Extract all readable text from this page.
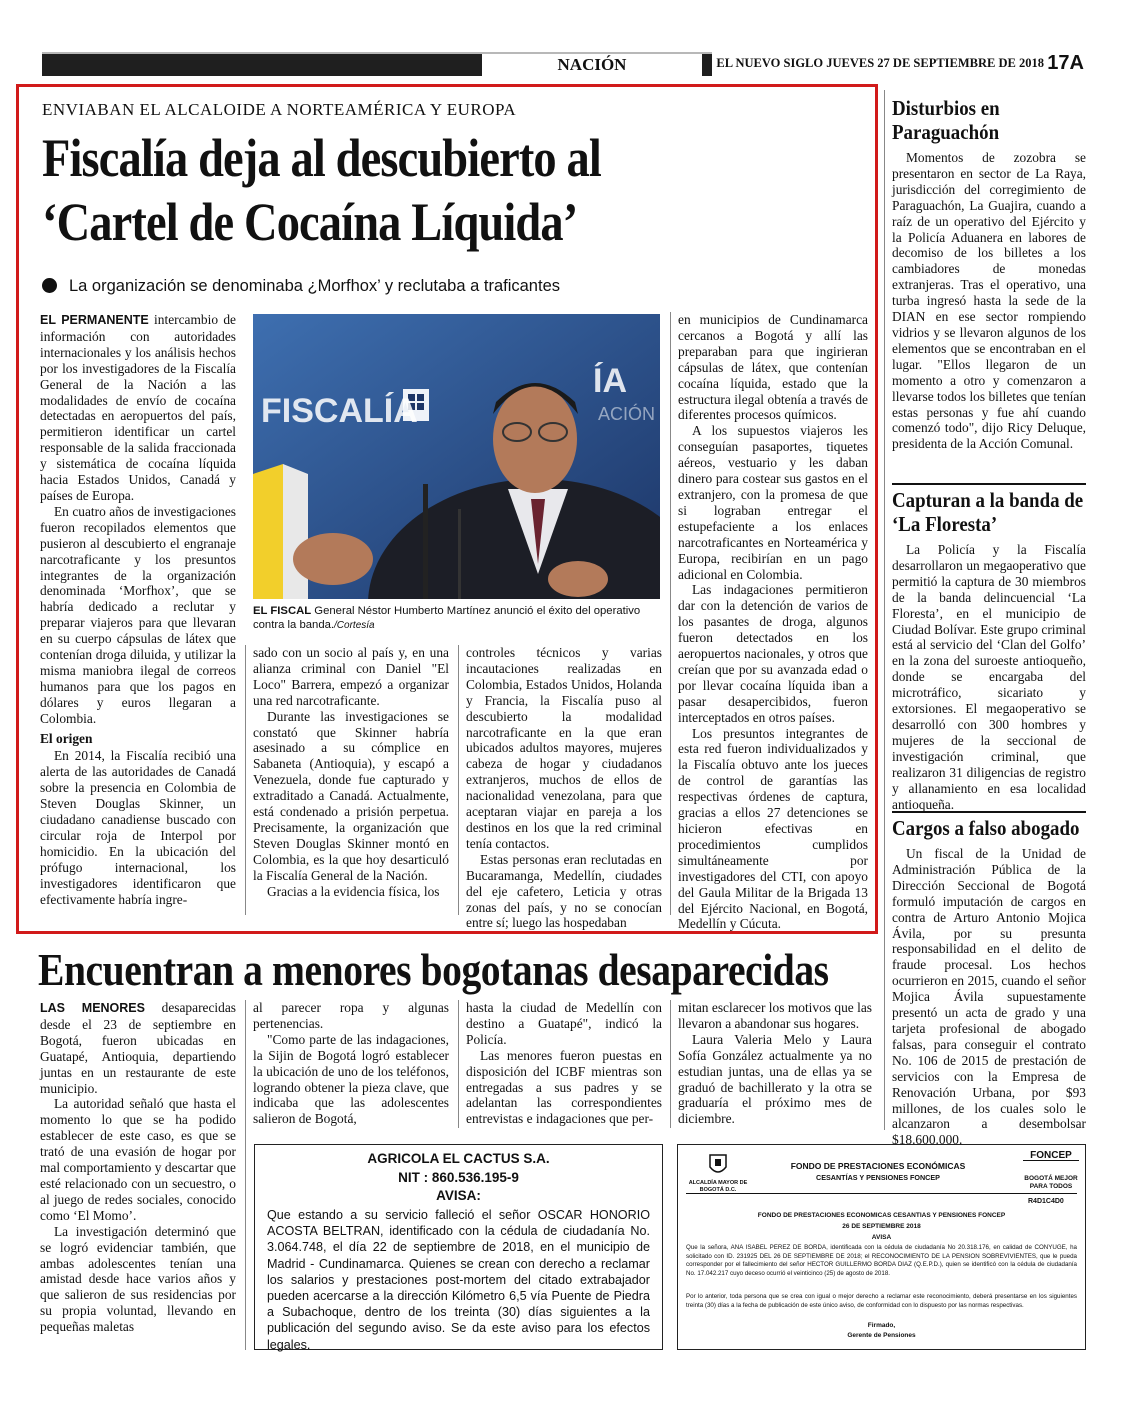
NACIÓN	EL NUEVO SIGLO JUEVES 27 DE SEPTIEMBRE DE 2018 17A
ENVIABAN EL ALCALOIDE A NORTEAMÉRICA Y EUROPA
Fiscalía deja al descubierto al
‘Cartel de Cocaína Líquida’
La organización se denominaba ¿Morfhox’ y reclutaba a traficantes

EL PERMANENTE intercambio de información con autoridades internacionales y los análisis hechos por los investigadores de la Fiscalía General de la Nación a las modalidades de envío de cocaína detectadas en aeropuertos del país, permitieron identificar un cartel responsable de la salida fraccionada y sistemática de cocaína líquida hacia Estados Unidos, Canadá y países de Europa.

En cuatro años de investigaciones fueron recopilados elementos que pusieron al descubierto el engranaje narcotraficante y los presuntos integrantes de la organización denominada ‘Morfhox’, que se habría dedicado a reclutar y preparar viajeros para que llevaran en su cuerpo cápsulas de látex que contenían droga diluida, y utilizar la misma maniobra ilegal de correos humanos para que los pagos en dólares y euros llegaran a Colombia.

El origen

En 2014, la Fiscalía recibió una alerta de las autoridades de Canadá sobre la presencia en Colombia de Steven Douglas Skinner, un ciudadano canadiense buscado con circular roja de Interpol por homicidio. En la ubicación del prófugo internacional, los investigadores identificaron que efectivamente habría ingre-

FISCALÍA
ÍA
ACIÓN
EL FISCAL General Néstor Humberto Martínez anunció el éxito del operativo contra la banda./Cortesía

sado con un socio al país y, en una alianza criminal con Daniel "El Loco" Barrera, empezó a organizar una red narcotraficante.

Durante las investigaciones se constató que Skinner habría asesinado a su cómplice en Sabaneta (Antioquia), y escapó a Venezuela, donde fue capturado y extraditado a Canadá. Actualmente, está condenado a prisión perpetua. Precisamente, la organización que Steven Douglas Skinner montó en Colombia, es la que hoy desarticuló la Fiscalía General de la Nación.

Gracias a la evidencia física, los

controles técnicos y varias incautaciones realizadas en Colombia, Estados Unidos, Holanda y Francia, la Fiscalía puso al descubierto la modalidad narcotraficante en la que eran ubicados adultos mayores, mujeres cabeza de hogar y ciudadanos extranjeros, muchos de ellos de nacionalidad venezolana, para que aceptaran viajar en pareja a los destinos en los que la red criminal tenía contactos.

Estas personas eran reclutadas en Bucaramanga, Medellín, ciudades del eje cafetero, Leticia y otras zonas del país, y no se conocían entre sí; luego las hospedaban

en municipios de Cundinamarca cercanos a Bogotá y allí las preparaban para que ingirieran cápsulas de látex, que contenían cocaína líquida, estado que la estructura ilegal obtenía a través de diferentes procesos químicos.

A los supuestos viajeros les conseguían pasaportes, tiquetes aéreos, vestuario y les daban dinero para costear sus gastos en el extranjero, con la promesa de que si lograban entregar el estupefaciente a los enlaces narcotraficantes en Norteamérica y Europa, recibirían en un pago adicional en Colombia.

Las indagaciones permitieron dar con la detención de varios de los pasantes de droga, algunos fueron detectados en los aeropuertos nacionales, y otros que creían que por su avanzada edad o por llevar cocaína líquida iban a pasar desapercibidos, fueron interceptados en otros países.

Los presuntos integrantes de esta red fueron individualizados y la Fiscalía obtuvo ante los jueces de control de garantías las respectivas órdenes de captura, gracias a ellos 27 detenciones se hicieron efectivas en procedimientos cumplidos simultáneamente por investigadores del CTI, con apoyo del Gaula Militar de la Brigada 13 del Ejército Nacional, en Bogotá, Medellín y Cúcuta.

Disturbios en Paraguachón

Momentos de zozobra se presentaron en sector de La Raya, jurisdicción del corregimiento de Paraguachón, La Guajira, cuando a raíz de un operativo del Ejército y la Policía Aduanera en labores de decomiso de los billetes a los cambiadores de monedas extranjeras. Tras el operativo, una turba ingresó hasta la sede de la DIAN en ese sector rompiendo vidrios y se llevaron algunos de los elementos que se encontraban en el lugar. "Ellos llegaron de un momento a otro y comenzaron a llevarse todos los billetes que tenían estas personas y fue ahí cuando comenzó todo", dijo Ricy Deluque, presidenta de la Acción Comunal.

Capturan a la banda de ‘La Floresta’

La Policía y la Fiscalía desarrollaron un megaoperativo que permitió la captura de 30 miembros de la banda delincuencial ‘La Floresta’, en el municipio de Ciudad Bolívar. Este grupo criminal está al servicio del ‘Clan del Golfo’ en la zona del suroeste antioqueño, donde se encargaba del microtráfico, sicariato y extorsiones. El megaoperativo se desarrolló con 300 hombres y mujeres de la seccional de investigación criminal, que realizaron 31 diligencias de registro y allanamiento en esa localidad antioqueña.

Cargos a falso abogado

Un fiscal de la Unidad de Administración Pública de la Dirección Seccional de Bogotá formuló imputación de cargos en contra de Arturo Antonio Mojica Ávila, por su presunta responsabilidad en el delito de fraude procesal. Los hechos ocurrieron en 2015, cuando el señor Mojica Ávila supuestamente presentó un acta de grado y una tarjeta profesional de abogado falsas, para conseguir el contrato No. 106 de 2015 de prestación de servicios con la Empresa de Renovación Urbana, por $93 millones, de los cuales solo le alcanzaron a desembolsar $18.600.000.

Encuentran a menores bogotanas desaparecidas

LAS MENORES desaparecidas desde el 23 de septiembre en Bogotá, fueron ubicadas en Guatapé, Antioquia, departiendo juntas en un restaurante de este municipio.

La autoridad señaló que hasta el momento lo que se ha podido establecer de este caso, es que se trató de una evasión de hogar por mal comportamiento y descartar que esté relacionado con un secuestro, o al juego de redes sociales, conocido como ‘El Momo’.

La investigación determinó que se logró evidenciar también, que ambas adolescentes tenían una amistad desde hace varios años y que salieron de sus residencias por su propia voluntad, llevando en pequeñas maletas

al parecer ropa y algunas pertenencias.

"Como parte de las indagaciones, la Sijin de Bogotá logró establecer la ubicación de uno de los teléfonos, logrando obtener la pieza clave, que indicaba que las adolescentes salieron de Bogotá,

hasta la ciudad de Medellín con destino a Guatapé", indicó la Policía.

Las menores fueron puestas en disposición del ICBF mientras son entregadas a sus padres y se adelantan las correspondientes entrevistas e indagaciones que per-

mitan esclarecer los motivos que las llevaron a abandonar sus hogares.

Laura Valeria Melo y Laura Sofía González actualmente ya no estudian juntas, una de ellas ya se graduó de bachillerato y la otra se graduaría el próximo mes de diciembre.

AGRICOLA EL CACTUS S.A.
NIT : 860.536.195-9
AVISA:
Que estando a su servicio falleció el señor OSCAR HONORIO ACOSTA BELTRAN, identificado con la cédula de ciudadanía No. 3.064.748, el día 22 de septiembre de 2018, en el municipio de Madrid - Cundinamarca. Quienes se crean con derecho a reclamar los salarios y prestaciones post-mortem del citado extrabajador pueden acercarse a la dirección Kilómetro 6,5 vía Puente de Piedra a Subachoque, dentro de los treinta (30) días siguientes a la publicación del segundo aviso. Se da este aviso para los efectos legales.
ALCALDÍA MAYOR DE BOGOTÁ D.C.
FONDO DE PRESTACIONES ECONÓMICAS
CESANTÍAS Y PENSIONES FONCEP
FONCEP
BOGOTÁ MEJOR PARA TODOS
R4D1C4D0
FONDO DE PRESTACIONES ECONOMICAS CESANTIAS Y PENSIONES FONCEP
26 DE SEPTIEMBRE 2018
AVISA
Que la señora, ANA ISABEL PEREZ DE BORDA, identificada con la cédula de ciudadanía No 20.318.176, en calidad de CONYUGE, ha solicitado con ID. 231925 DEL 26 DE SEPTIEMBRE DE 2018; el RECONOCIMIENTO DE LA PENSION SOBREVIVIENTES, que le pueda corresponder por el fallecimiento del señor HECTOR GUILLERMO BORDA DIAZ (Q.E.P.D.), quien se identificó con la cédula de ciudadanía No. 17.042.217 cuyo deceso ocurrió el veinticinco (25) de agosto de 2018.
Por lo anterior, toda persona que se crea con igual o mejor derecho a reclamar este reconocimiento, deberá presentarse en los siguientes treinta (30) días a la fecha de publicación de este único aviso, de conformidad con lo dispuesto por las normas respectivas.
Firmado,
Gerente de Pensiones
